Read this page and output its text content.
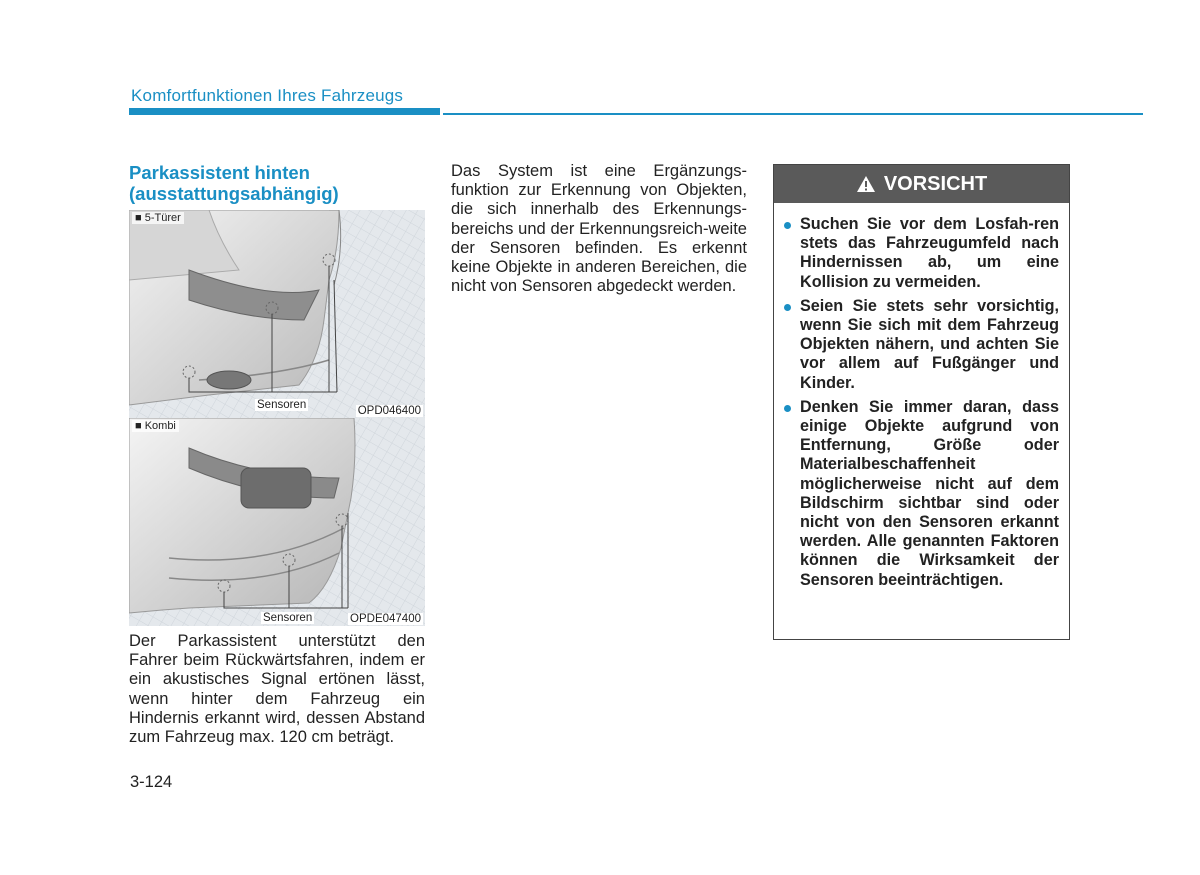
Komfortfunktionen Ihres Fahrzeugs
Parkassistent hinten
(ausstattungsabhängig)
■ 5-Türer
Sensoren	OPD046400
■ Kombi
Sensoren	OPDE047400
Der Parkassistent unterstützt den Fahrer beim Rückwärtsfahren, indem er ein akustisches Signal ertönen lässt, wenn hinter dem Fahrzeug ein Hindernis erkannt wird, dessen Abstand zum Fahrzeug max. 120 cm beträgt.
Das System ist eine Ergänzungs-funktion zur Erkennung von Objekten, die sich innerhalb des Erkennungs-bereichs und der Erkennungsreich-weite der Sensoren befinden. Es erkennt keine Objekte in anderen Bereichen, die nicht von Sensoren abgedeckt werden.
VORSICHT
Suchen Sie vor dem Losfah-ren stets das Fahrzeugumfeld nach Hindernissen ab, um eine Kollision zu vermeiden.
Seien Sie stets sehr vorsichtig, wenn Sie sich mit dem Fahrzeug Objekten nähern, und achten Sie vor allem auf Fußgänger und Kinder.
Denken Sie immer daran, dass einige Objekte aufgrund von Entfernung, Größe oder Materialbeschaffenheit möglicherweise nicht auf dem Bildschirm sichtbar sind oder nicht von den Sensoren erkannt werden. Alle genannten Faktoren können die Wirksamkeit der Sensoren beeinträchtigen.
3-124
